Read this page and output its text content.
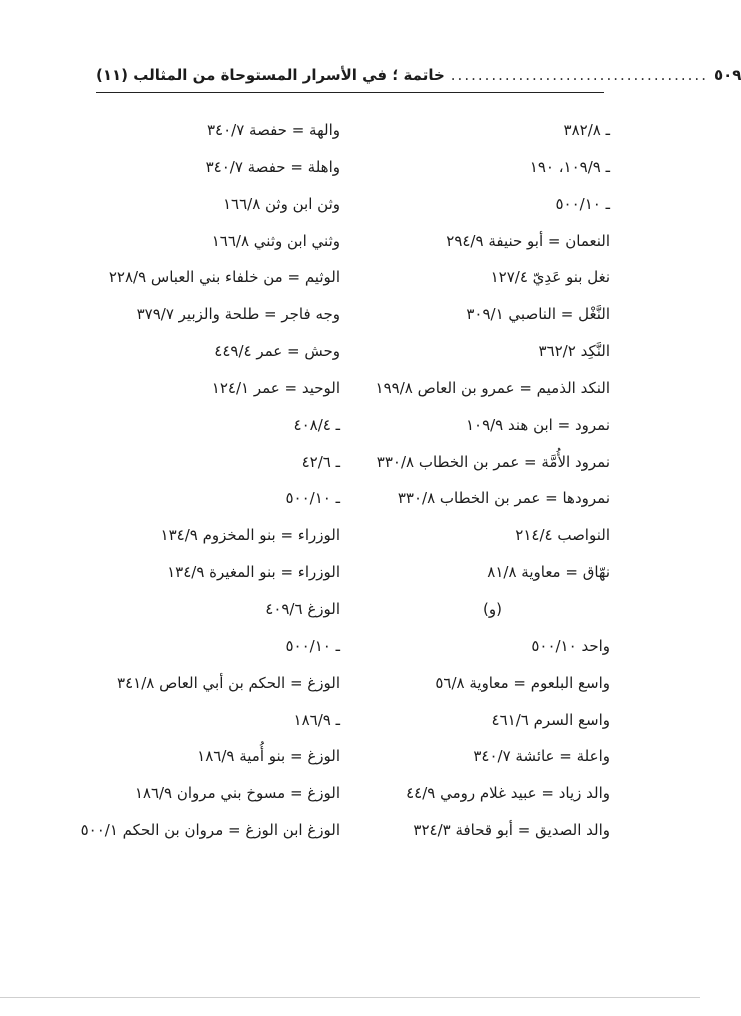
خاتمة ؛ في الأسرار المستوحاة من المثالب (١١) ...................................... ٥٠٩
ـ ٣٨٢/٨
ـ ١٠٩/٩، ١٩٠
ـ ٥٠٠/١٠
النعمان = أبو حنيفة ٢٩٤/٩
نغل بنو عَدِيّ ١٢٧/٤
النَّغْل = الناصبي ٣٠٩/١
النَّكِد ٣٦٢/٢
النكد الذميم = عمرو بن العاص ١٩٩/٨
نمرود = ابن هند ١٠٩/٩
نمرود الأُمَّة = عمر بن الخطاب ٣٣٠/٨
نمرودها = عمر بن الخطاب ٣٣٠/٨
النواصب ٢١٤/٤
نهّاق = معاوية ٨١/٨
(و)
واحد ٥٠٠/١٠
واسع البلعوم = معاوية ٥٦/٨
واسع السرم ٤٦١/٦
واعلة = عائشة ٣٤٠/٧
والد زياد = عبيد غلام رومي ٤٤/٩
والد الصديق = أبو قحافة ٣٢٤/٣
والهة = حفصة ٣٤٠/٧
واهلة = حفصة ٣٤٠/٧
وثن ابن وثن ١٦٦/٨
وثني ابن وثني ١٦٦/٨
الوثيم = من خلفاء بني العباس ٢٢٨/٩
وجه فاجر = طلحة والزبير ٣٧٩/٧
وحش = عمر ٤٤٩/٤
الوحيد = عمر ١٢٤/١
ـ ٤٠٨/٤
ـ ٤٢/٦
ـ ٥٠٠/١٠
الوزراء = بنو المخزوم ١٣٤/٩
الوزراء = بنو المغيرة ١٣٤/٩
الوزغ ٤٠٩/٦
ـ ٥٠٠/١٠
الوزغ = الحكم بن أبي العاص ٣٤١/٨
ـ ١٨٦/٩
الوزغ = بنو أُمية ١٨٦/٩
الوزغ = مسوخ بني مروان ١٨٦/٩
الوزغ ابن الوزغ = مروان بن الحكم ٥٠٠/١
